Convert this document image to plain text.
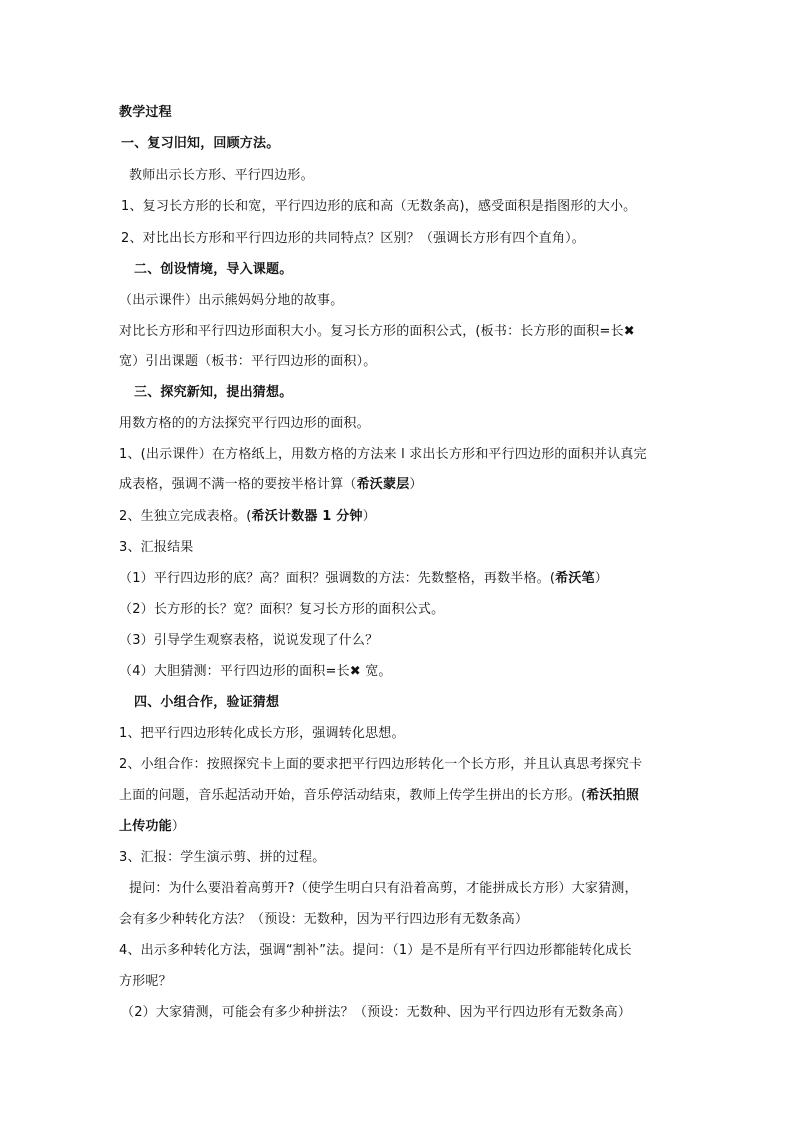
教学过程
一、复习旧知，回顾方法。
教师出示长方形、平行四边形。
1、复习长方形的长和宽，平行四边形的底和高（无数条高)，感受面积是指图形的大小。
2、对比出长方形和平行四边形的共同特点？区别？（强调长方形有四个直角）。
二、创设情境，导入课题。
（出示课件）出示熊妈妈分地的故事。
对比长方形和平行四边形面积大小。复习长方形的面积公式，(板书：长方形的面积=长✖
宽）引出课题（板书：平行四边形的面积）。
三、探究新知，提出猜想。
用数方格的的方法探究平行四边形的面积。
1、(出示课件）在方格纸上，用数方格的方法来 l 求出长方形和平行四边形的面积并认真完
成表格，强调不满一格的要按半格计算（希沃蒙层）
2、生独立完成表格。(希沃计数器 1 分钟）
3、汇报结果
（1）平行四边形的底？高？面积？强调数的方法：先数整格，再数半格。(希沃笔）
（2）长方形的长？宽？面积？复习长方形的面积公式。
（3）引导学生观察表格，说说发现了什么？
（4）大胆猜测：平行四边形的面积=长✖ 宽。
四、小组合作，验证猜想
1、把平行四边形转化成长方形，强调转化思想。
2、小组合作：按照探究卡上面的要求把平行四边形转化一个长方形，并且认真思考探究卡
上面的问题，音乐起活动开始，音乐停活动结束，教师上传学生拼出的长方形。(希沃拍照
上传功能）
3、汇报：学生演示剪、拼的过程。
提问：为什么要沿着高剪开?（使学生明白只有沿着高剪，才能拼成长方形）大家猜测，
会有多少种转化方法？（预设：无数种，因为平行四边形有无数条高）
4、出示多种转化方法，强调“割补”法。提问：（1）是不是所有平行四边形都能转化成长
方形呢？
（2）大家猜测，可能会有多少种拼法？（预设：无数种、因为平行四边形有无数条高）
